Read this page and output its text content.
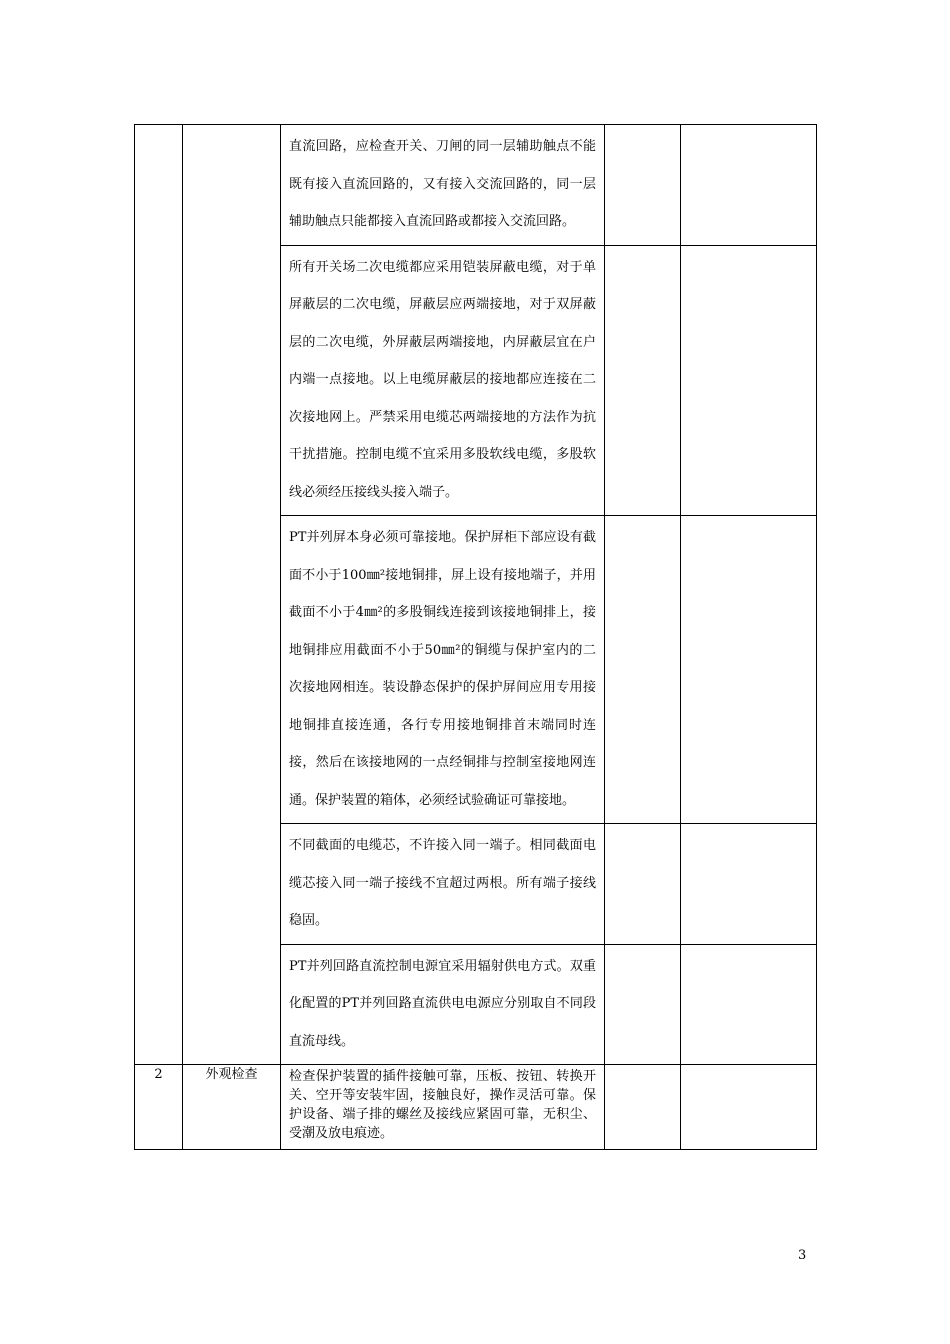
		直流回路，应检查开关、刀闸的同一层辅助触点不能既有接入直流回路的，又有接入交流回路的，同一层辅助触点只能都接入直流回路或都接入交流回路。		

		所有开关场二次电缆都应采用铠装屏蔽电缆，对于单屏蔽层的二次电缆，屏蔽层应两端接地，对于双屏蔽层的二次电缆，外屏蔽层两端接地，内屏蔽层宜在户内端一点接地。以上电缆屏蔽层的接地都应连接在二次接地网上。严禁采用电缆芯两端接地的方法作为抗干扰措施。控制电缆不宜采用多股软线电缆，多股软线必须经压接线头接入端子。		

		PT并列屏本身必须可靠接地。保护屏柜下部应设有截面不小于100㎜²接地铜排，屏上设有接地端子，并用截面不小于4㎜²的多股铜线连接到该接地铜排上，接地铜排应用截面不小于50㎜²的铜缆与保护室内的二次接地网相连。装设静态保护的保护屏间应用专用接地铜排直接连通，各行专用接地铜排首末端同时连接，然后在该接地网的一点经铜排与控制室接地网连通。保护装置的箱体，必须经试验确证可靠接地。		

		不同截面的电缆芯，不许接入同一端子。相同截面电缆芯接入同一端子接线不宜超过两根。所有端子接线稳固。		

		PT并列回路直流控制电源宜采用辐射供电方式。双重化配置的PT并列回路直流供电电源应分别取自不同段直流母线。		

2	外观检查	检查保护装置的插件接触可靠，压板、按钮、转换开关、空开等安装牢固，接触良好，操作灵活可靠。保护设备、端子排的螺丝及接线应紧固可靠，无积尘、受潮及放电痕迹。		

3
